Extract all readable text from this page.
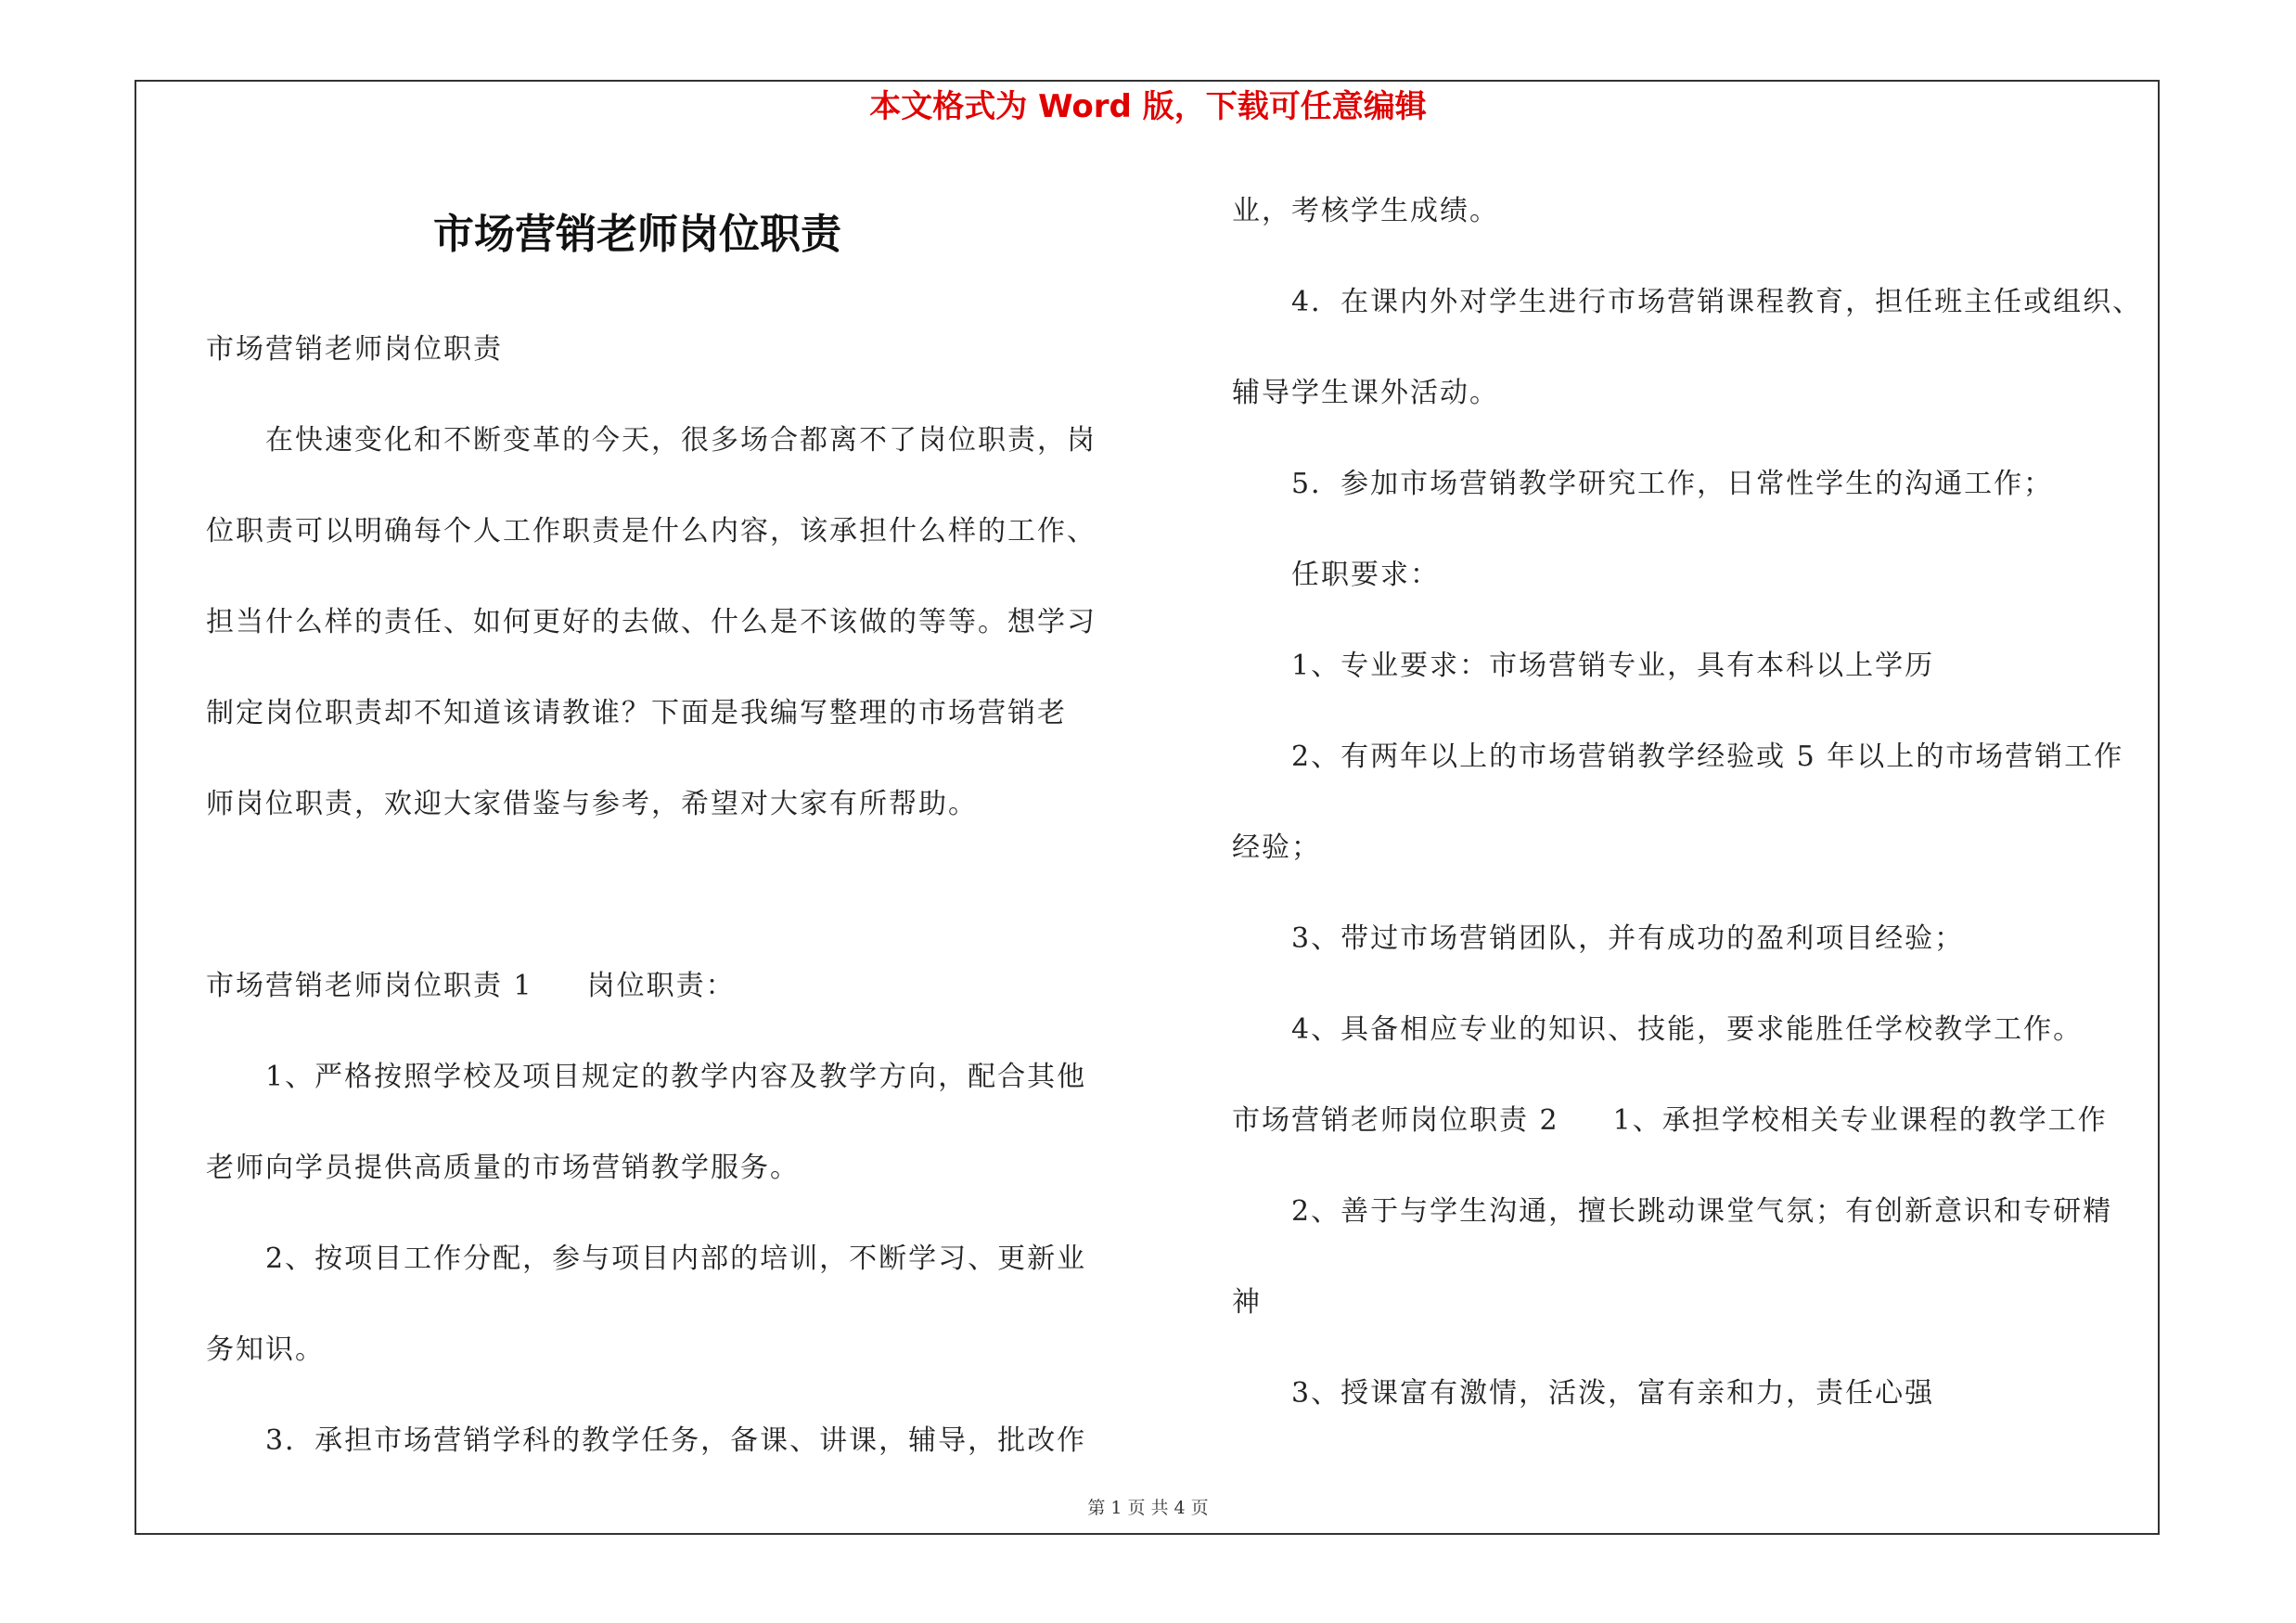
本文格式为 Word 版，下载可任意编辑
市场营销老师岗位职责
市场营销老师岗位职责
在快速变化和不断变革的今天，很多场合都离不了岗位职责，岗
位职责可以明确每个人工作职责是什么内容，该承担什么样的工作、
担当什么样的责任、如何更好的去做、什么是不该做的等等。想学习
制定岗位职责却不知道该请教谁？下面是我编写整理的市场营销老
师岗位职责，欢迎大家借鉴与参考，希望对大家有所帮助。
市场营销老师岗位职责 1 岗位职责：
1、严格按照学校及项目规定的教学内容及教学方向，配合其他
老师向学员提供高质量的市场营销教学服务。
2、按项目工作分配，参与项目内部的培训，不断学习、更新业
务知识。
3．承担市场营销学科的教学任务，备课、讲课，辅导，批改作
业，考核学生成绩。
4．在课内外对学生进行市场营销课程教育，担任班主任或组织、
辅导学生课外活动。
5．参加市场营销教学研究工作，日常性学生的沟通工作；
任职要求：
1、专业要求：市场营销专业，具有本科以上学历
2、有两年以上的市场营销教学经验或 5 年以上的市场营销工作
经验；
3、带过市场营销团队，并有成功的盈利项目经验；
4、具备相应专业的知识、技能，要求能胜任学校教学工作。
市场营销老师岗位职责 2 1、承担学校相关专业课程的教学工作
2、善于与学生沟通，擅长跳动课堂气氛；有创新意识和专研精
神
3、授课富有激情，活泼，富有亲和力，责任心强
第 1 页 共 4 页
